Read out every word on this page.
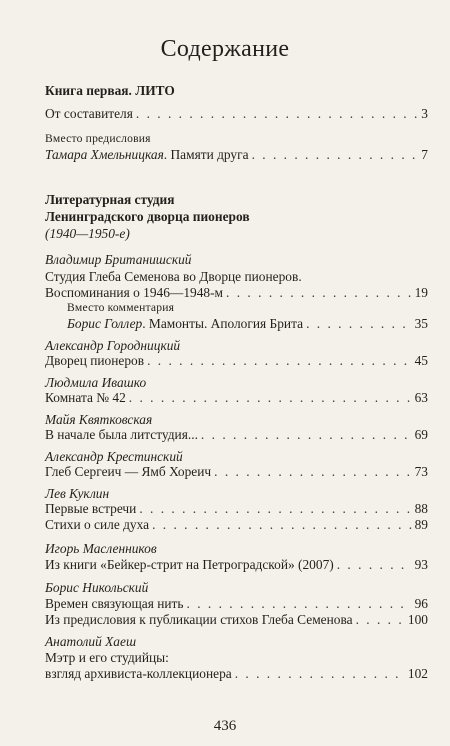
Содержание
Книга первая. ЛИТО
От составителя . . .	3
Вместо предисловия
Тамара Хмельницкая. Памяти друга . . .	7
Литературная студия
Ленинградского дворца пионеров
(1940—1950-е)
Владимир Британишский
Студия Глеба Семенова во Дворце пионеров.
Воспоминания о 1946—1948-м . . .	19
Вместо комментария
Борис Голлер. Мамонты. Апология Брита . . .	35
Александр Городницкий
Дворец пионеров . . .	45
Людмила Ивашко
Комната № 42 . . .	63
Майя Квятковская
В начале была литстудия... . . .	69
Александр Крестинский
Глеб Сергеич — Ямб Хореич . . .	73
Лев Куклин
Первые встречи . . .	88
Стихи о силе духа . . .	89
Игорь Масленников
Из книги «Бейкер-стрит на Петроградской» (2007) . . .	93
Борис Никольский
Времен связующая нить . . .	96
Из предисловия к публикации стихов Глеба Семенова . . .	100
Анатолий Хаеш
Мэтр и его студийцы:
взгляд архивиста-коллекционера . . .	102
436
